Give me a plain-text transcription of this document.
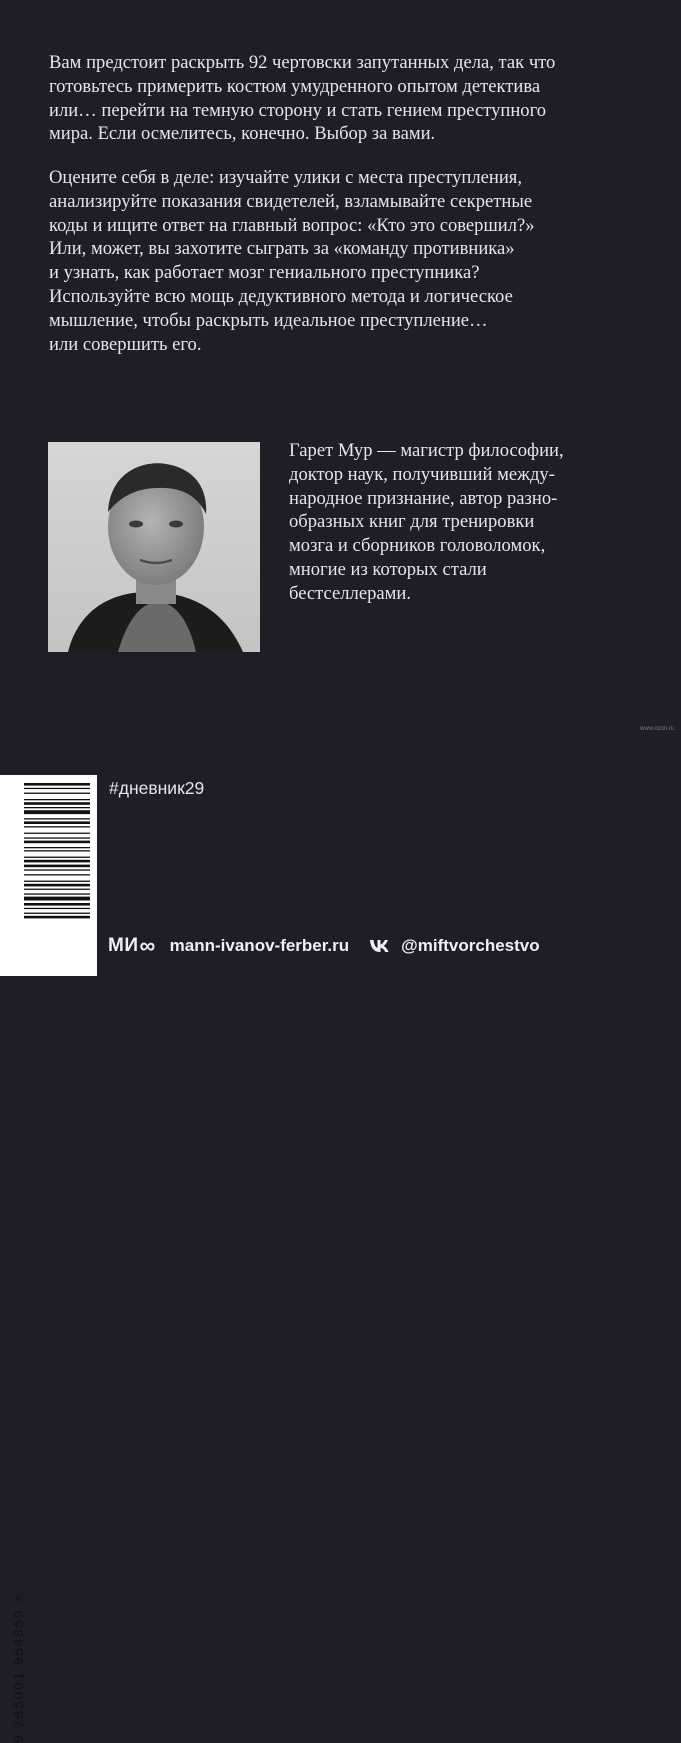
Вам предстоит раскрыть 92 чертовски запутанных дела, так что
готовьтесь примерить костюм умудренного опытом детектива
или… перейти на темную сторону и стать гением преступного
мира. Если осмелитесь, конечно. Выбор за вами.
Оцените себя в деле: изучайте улики с места преступления,
анализируйте показания свидетелей, взламывайте секретные
коды и ищите ответ на главный вопрос: «Кто это совершил?»
Или, может, вы захотите сыграть за «команду противника»
и узнать, как работает мозг гениального преступника?
Используйте всю мощь дедуктивного метода и логическое
мышление, чтобы раскрыть идеальное преступление…
или совершить его.
Гарет Мур — магистр философии,
доктор наук, получивший между-
народное признание, автор разно-
образных книг для тренировки
мозга и сборников головоломок,
многие из которых стали
бестселлерами.
www.ozon.ru
9 785001 954859 >
#дневник29
МИ ∞ mann-ivanov-ferber.ru	@miftvorchestvo
